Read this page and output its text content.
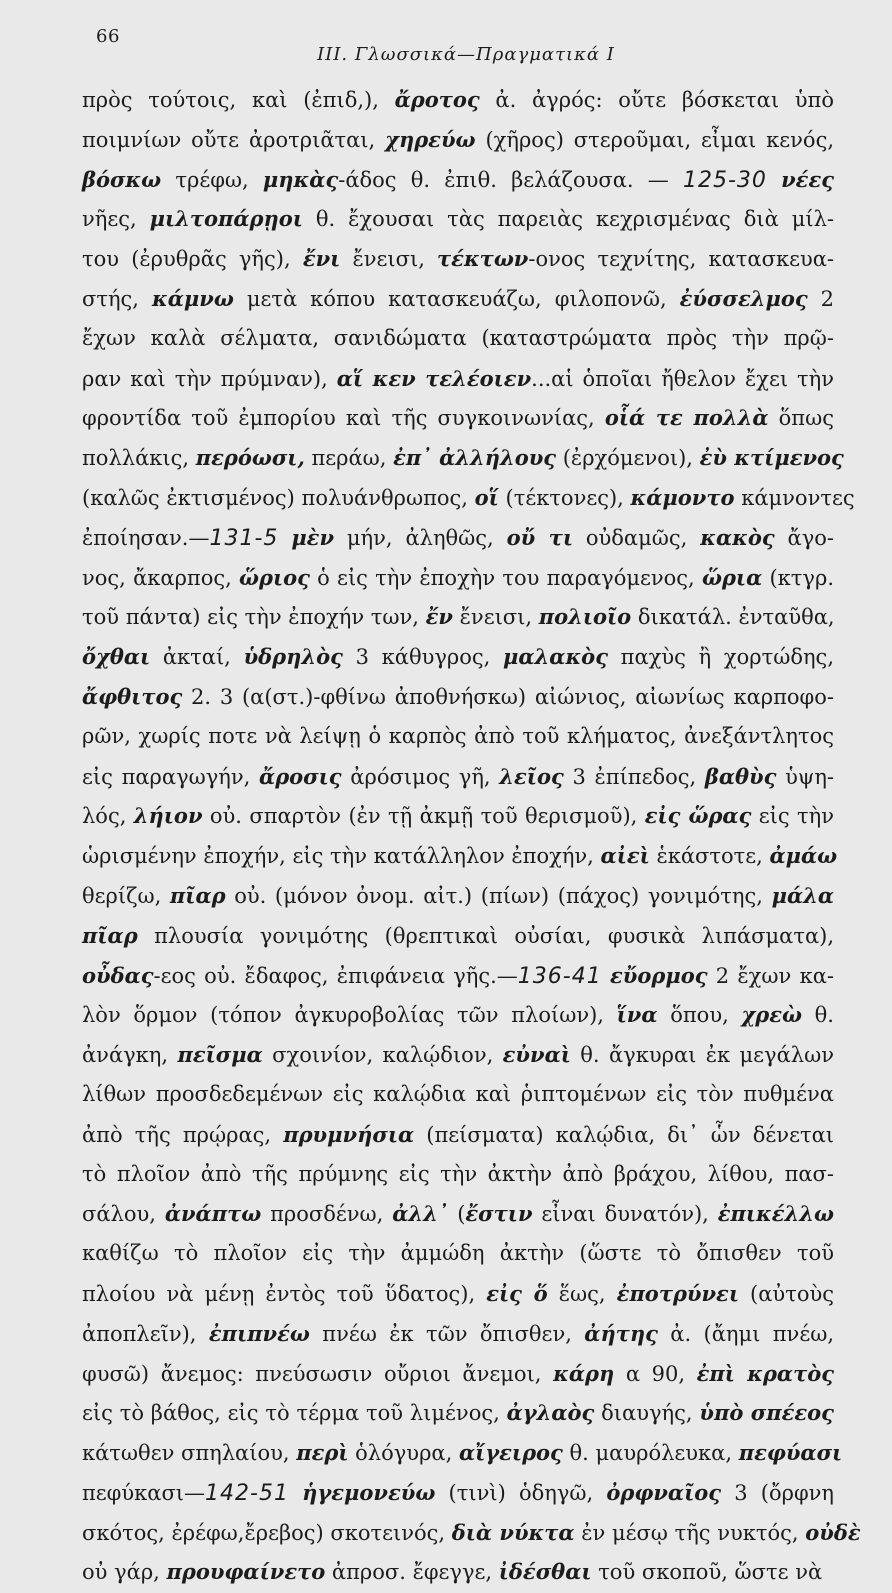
66
III. Γλωσσικά—Πραγματικά I
πρὸς τούτοις, καὶ (ἐπιδ,), ἄροτος ἀ. ἀγρός: οὔτε βόσκεται ὑπὸ
ποιμνίων οὔτε ἀροτριᾶται, χηρεύω (χῆρος) στεροῦμαι, εἶμαι κενός,
βόσκω τρέφω, μηκὰς-άδος θ. ἐπιθ. βελάζουσα. — 125-30 νέες
νῆες, μιλτοπάρῃοι θ. ἔχουσαι τὰς παρειὰς κεχρισμένας διὰ μίλ-
του (ἐρυθρᾶς γῆς), ἔνι ἔνεισι, τέκτων-ονος τεχνίτης, κατασκευα-
στής, κάμνω μετὰ κόπου κατασκευάζω, φιλοπονῶ, ἐύσσελμος 2
ἔχων καλὰ σέλματα, σανιδώματα (καταστρώματα πρὸς τὴν πρῷ-
ραν καὶ τὴν πρύμναν), αἵ κεν τελέοιεν...αἱ ὁποῖαι ἤθελον ἔχει τὴν
φροντίδα τοῦ ἐμπορίου καὶ τῆς συγκοινωνίας, οἷά τε πολλὰ ὅπως
πολλάκις, περόωσι, περάω, ἐπ᾿ ἀλλήλους (ἐρχόμενοι), ἐὺ κτίμενος
(καλῶς ἐκτισμένος) πολυάνθρωπος, οἵ (τέκτονες), κάμοντο κάμνοντες
ἐποίησαν.—131-5 μὲν μήν, ἀληθῶς, οὔ τι οὐδαμῶς, κακὸς ἄγο-
νος, ἄκαρπος, ὥριος ὁ εἰς τὴν ἐποχὴν του παραγόμενος, ὥρια (κτγρ.
τοῦ πάντα) εἰς τὴν ἐποχήν των, ἔν ἔνεισι, πολιοῖο δικατάλ. ἐνταῦθα,
ὄχθαι ἀκταί, ὑδρηλὸς 3 κάθυγρος, μαλακὸς παχὺς ἢ χορτώδης,
ἄφθιτος 2. 3 (α(στ.)-φθίνω ἀποθνήσκω) αἰώνιος, αἰωνίως καρποφο-
ρῶν, χωρίς ποτε νὰ λείψῃ ὁ καρπὸς ἀπὸ τοῦ κλήματος, ἀνεξάντλητος
εἰς παραγωγήν, ἄροσις ἀρόσιμος γῆ, λεῖος 3 ἐπίπεδος, βαθὺς ὑψη-
λός, λήιον οὐ. σπαρτὸν (ἐν τῇ ἀκμῇ τοῦ θερισμοῦ), εἰς ὥρας εἰς τὴν
ὡρισμένην ἐποχήν, εἰς τὴν κατάλληλον ἐποχήν, αἰεὶ ἑκάστοτε, ἀμάω
θερίζω, πῖαρ οὐ. (μόνον ὀνομ. αἰτ.) (πίων) (πάχος) γονιμότης, μάλα
πῖαρ πλουσία γονιμότης (θρεπτικαὶ οὐσίαι, φυσικὰ λιπάσματα),
οὖδας-εος οὐ. ἔδαφος, ἐπιφάνεια γῆς.—136-41 εὔορμος 2 ἔχων κα-
λὸν ὅρμον (τόπον ἀγκυροβολίας τῶν πλοίων), ἵνα ὅπου, χρεὼ θ.
ἀνάγκη, πεῖσμα σχοινίον, καλῴδιον, εὐναὶ θ. ἄγκυραι ἐκ μεγάλων
λίθων προσδεδεμένων εἰς καλῴδια καὶ ῥιπτομένων εἰς τὸν πυθμένα
ἀπὸ τῆς πρῴρας, πρυμνήσια (πείσματα) καλῴδια, δι᾿ ὧν δένεται
τὸ πλοῖον ἀπὸ τῆς πρύμνης εἰς τὴν ἀκτὴν ἀπὸ βράχου, λίθου, πασ-
σάλου, ἀνάπτω προσδένω, ἀλλ᾿ (ἔστιν εἶναι δυνατόν), ἐπικέλλω
καθίζω τὸ πλοῖον εἰς τὴν ἀμμώδη ἀκτὴν (ὥστε τὸ ὄπισθεν τοῦ
πλοίου νὰ μένῃ ἐντὸς τοῦ ὕδατος), εἰς ὅ ἕως, ἐποτρύνει (αὐτοὺς
ἀποπλεῖν), ἐπιπνέω πνέω ἐκ τῶν ὄπισθεν, ἀήτης ἀ. (ἄημι πνέω,
φυσῶ) ἄνεμος: πνεύσωσιν οὔριοι ἄνεμοι, κάρη α 90, ἐπὶ κρατὸς
εἰς τὸ βάθος, εἰς τὸ τέρμα τοῦ λιμένος, ἀγλαὸς διαυγής, ὑπὸ σπέεος
κάτωθεν σπηλαίου, περὶ ὁλόγυρα, αἴγειρος θ. μαυρόλευκα, πεφύασι
πεφύκασι—142-51 ἡγεμονεύω (τινὶ) ὁδηγῶ, ὀρφναῖος 3 (ὄρφνη
σκότος, ἐρέφω,ἔρεβος) σκοτεινός, διὰ νύκτα ἐν μέσῳ τῆς νυκτός, οὐδὲ
οὐ γάρ, προυφαίνετο ἀπροσ. ἔφεγγε, ἰδέσθαι τοῦ σκοποῦ, ὥστε νὰ
